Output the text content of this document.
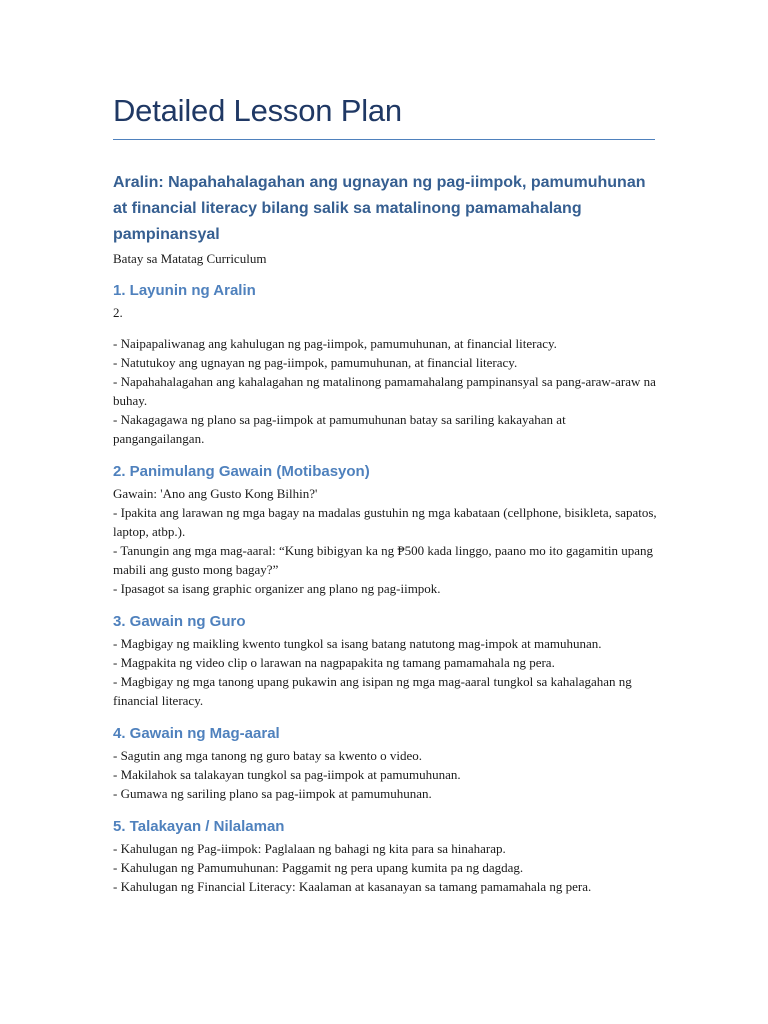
Detailed Lesson Plan

Aralin: Napahahalagahan ang ugnayan ng pag-iimpok, pamumuhunan at financial literacy bilang salik sa matalinong pamamahalang pampinansyal

Batay sa Matatag Curriculum

1. Layunin ng Aralin

2.

- Naipapaliwanag ang kahulugan ng pag-iimpok, pamumuhunan, at financial literacy.

- Natutukoy ang ugnayan ng pag-iimpok, pamumuhunan, at financial literacy.

- Napahahalagahan ang kahalagahan ng matalinong pamamahalang pampinansyal sa pang-araw-araw na buhay.

- Nakagagawa ng plano sa pag-iimpok at pamumuhunan batay sa sariling kakayahan at pangangailangan.

2. Panimulang Gawain (Motibasyon)

Gawain: 'Ano ang Gusto Kong Bilhin?'

- Ipakita ang larawan ng mga bagay na madalas gustuhin ng mga kabataan (cellphone, bisikleta, sapatos, laptop, atbp.).

- Tanungin ang mga mag-aaral: “Kung bibigyan ka ng ₱500 kada linggo, paano mo ito gagamitin upang mabili ang gusto mong bagay?”

- Ipasagot sa isang graphic organizer ang plano ng pag-iimpok.

3. Gawain ng Guro

- Magbigay ng maikling kwento tungkol sa isang batang natutong mag-impok at mamuhunan.

- Magpakita ng video clip o larawan na nagpapakita ng tamang pamamahala ng pera.

- Magbigay ng mga tanong upang pukawin ang isipan ng mga mag-aaral tungkol sa kahalagahan ng financial literacy.

4. Gawain ng Mag-aaral

- Sagutin ang mga tanong ng guro batay sa kwento o video.

- Makilahok sa talakayan tungkol sa pag-iimpok at pamumuhunan.

- Gumawa ng sariling plano sa pag-iimpok at pamumuhunan.

5. Talakayan / Nilalaman

- Kahulugan ng Pag-iimpok: Paglalaan ng bahagi ng kita para sa hinaharap.

- Kahulugan ng Pamumuhunan: Paggamit ng pera upang kumita pa ng dagdag.

- Kahulugan ng Financial Literacy: Kaalaman at kasanayan sa tamang pamamahala ng pera.
